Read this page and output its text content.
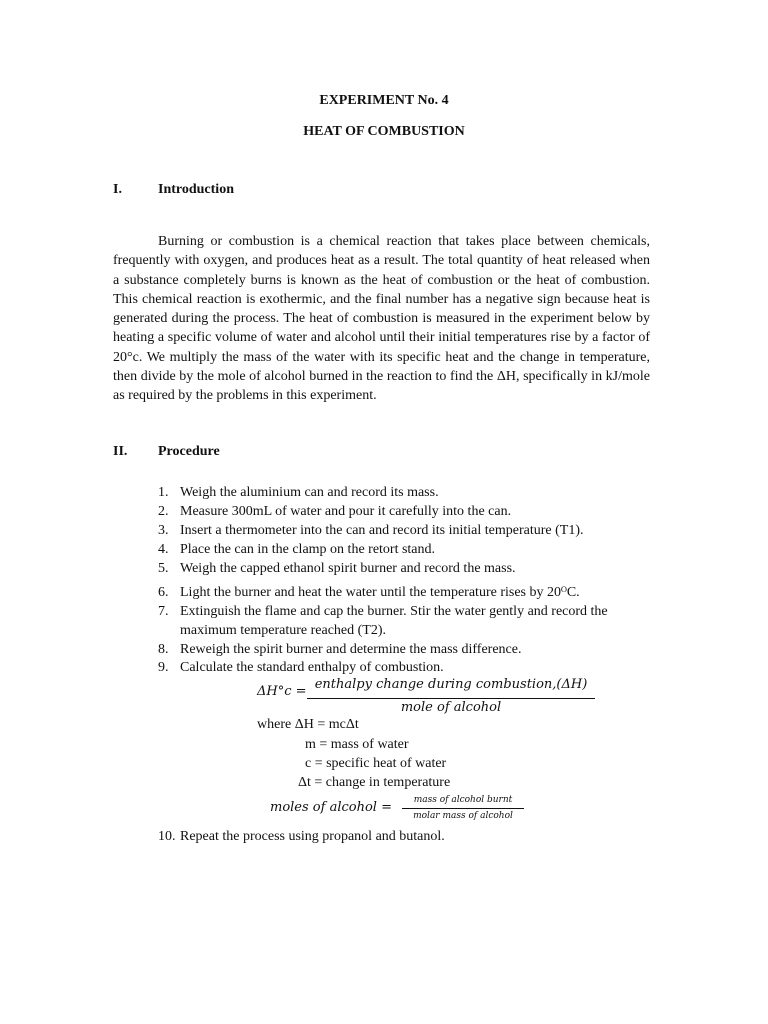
EXPERIMENT No. 4
HEAT OF COMBUSTION
I.	Introduction

Burning or combustion is a chemical reaction that takes place between chemicals, frequently with oxygen, and produces heat as a result. The total quantity of heat released when a substance completely burns is known as the heat of combustion or the heat of combustion. This chemical reaction is exothermic, and the final number has a negative sign because heat is generated during the process. The heat of combustion is measured in the experiment below by heating a specific volume of water and alcohol until their initial temperatures rise by a factor of 20°c. We multiply the mass of the water with its specific heat and the change in temperature, then divide by the mole of alcohol burned in the reaction to find the ΔH, specifically in kJ/mole as required by the problems in this experiment.

II. Procedure
1. Weigh the aluminium can and record its mass.
2. Measure 300mL of water and pour it carefully into the can.
3. Insert a thermometer into the can and record its initial temperature (T1).
4. Place the can in the clamp on the retort stand.
5. Weigh the capped ethanol spirit burner and record the mass.
6. Light the burner and heat the water until the temperature rises by 20ᴼC.
7. Extinguish the flame and cap the burner. Stir the water gently and record the maximum temperature reached (T2).
8. Reweigh the spirit burner and determine the mass difference.
9. Calculate the standard enthalpy of combustion.
10. Repeat the process using propanol and butanol.
ΔH°c = enthalpy change during combustion,(ΔH)
mole of alcohol
where ΔH = mcΔt
m = mass of water
c = specific heat of water
Δt = change in temperature
moles of alcohol =	mass of alcohol burnt
molar mass of alcohol
